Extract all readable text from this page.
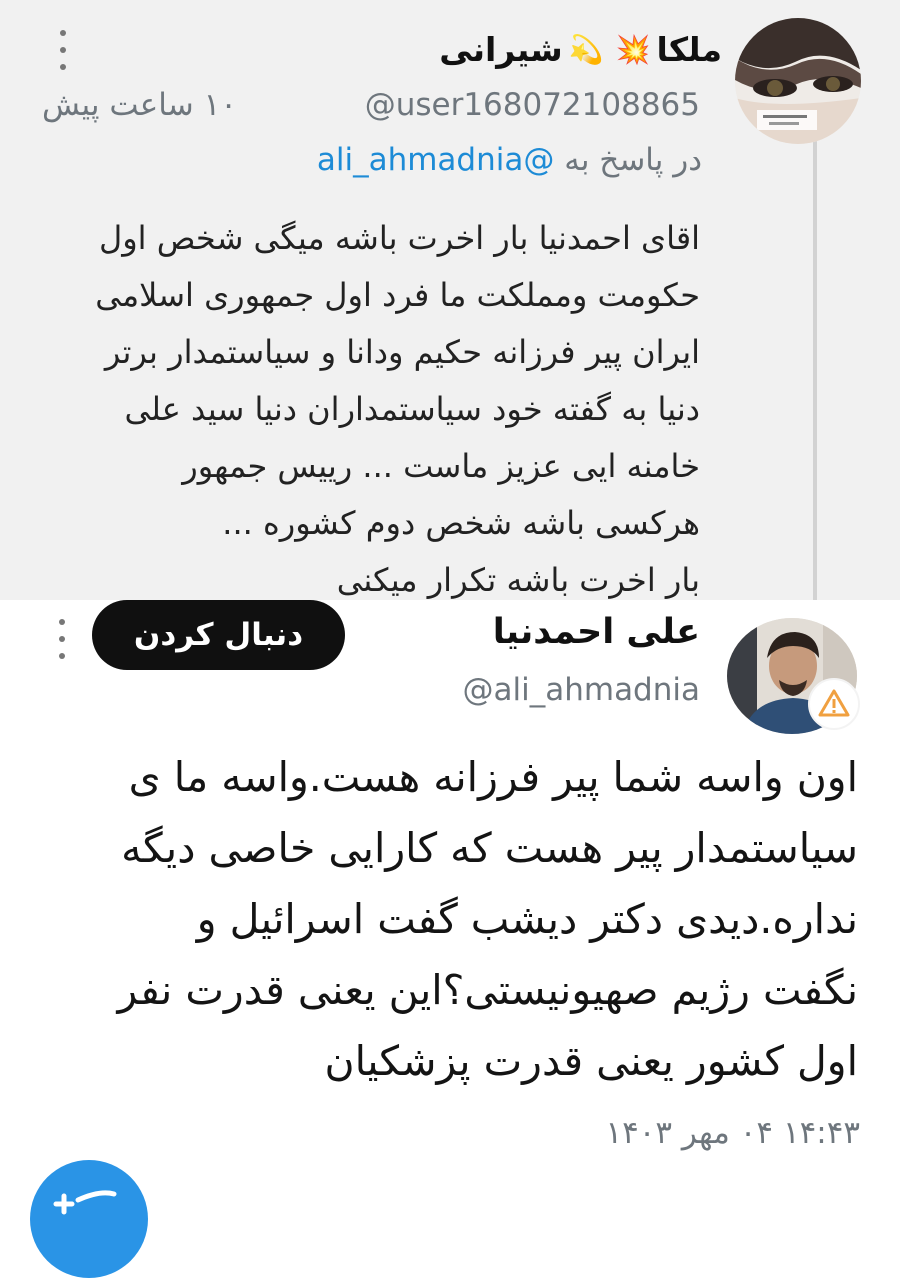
ملکا
💥
💫
شیرانی
@user168072108865
۱۰ ساعت پیش
در پاسخ به @ali_ahmadnia
اقای احمدنیا بار اخرت باشه میگی شخص اول
حکومت ومملکت ما فرد اول جمهوری اسلامی
ایران پیر فرزانه حکیم ودانا و سیاستمدار برتر
دنیا به گفته خود سیاستمداران دنیا سید علی
خامنه ایی عزیز ماست ... رییس جمهور
هرکسی باشه شخص دوم کشوره ...
بار اخرت باشه تکرار میکنی
دنبال کردن	علی احمدنیا
@ali_ahmadnia
اون واسه شما پیر فرزانه هست.واسه ما ی
سیاستمدار پیر هست که کارایی خاصی دیگه
نداره.دیدی دکتر دیشب گفت اسرائیل و
نگفت رژیم صهیونیستی؟این یعنی قدرت نفر
اول کشور یعنی قدرت پزشکیان
۱۴:۴۳ ۰۴ مهر ۱۴۰۳
